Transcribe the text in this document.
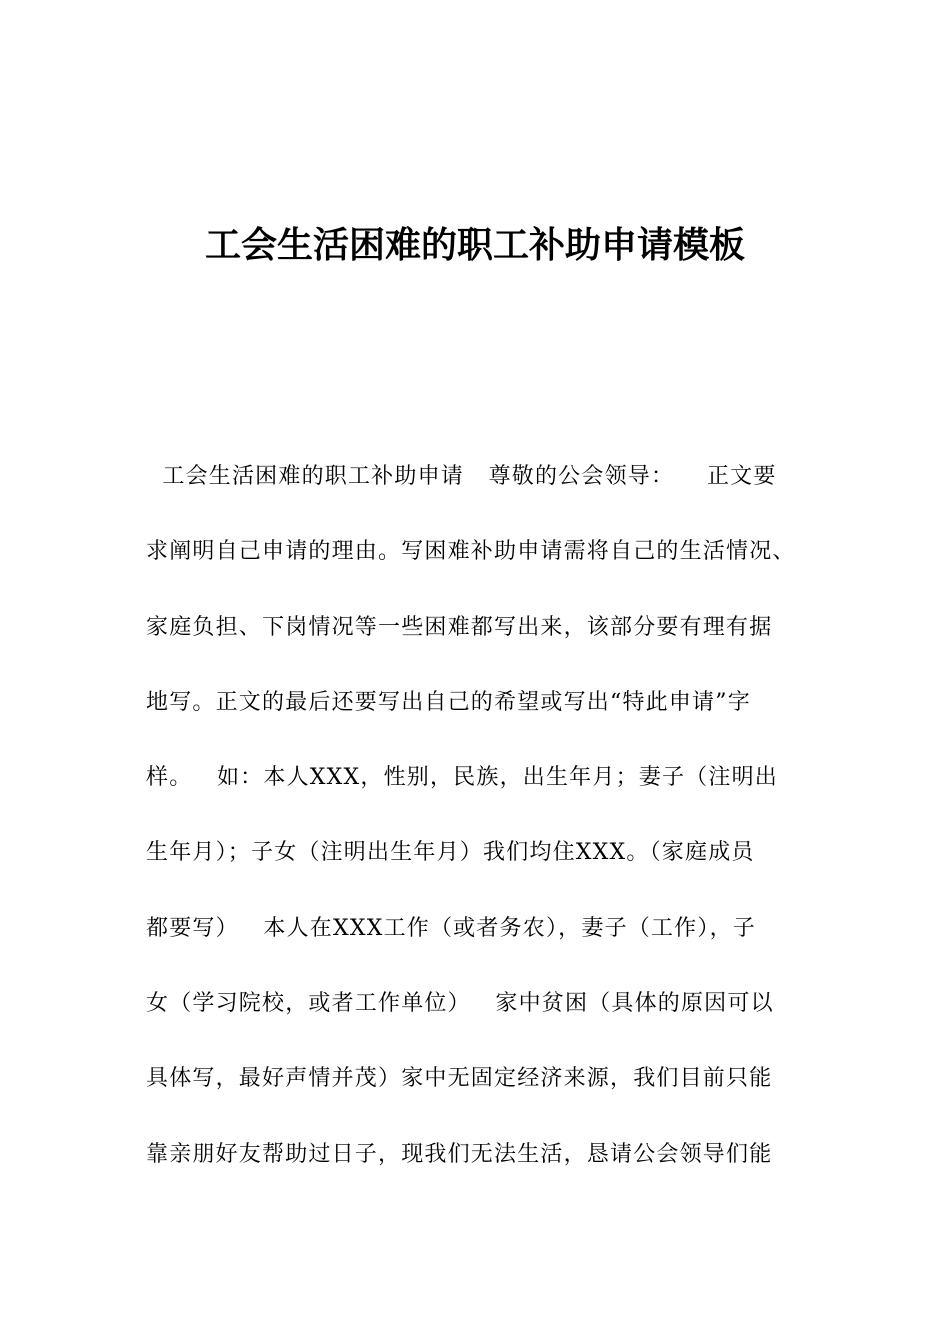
工会生活困难的职工补助申请模板
工会生活困难的职工补助申请   尊敬的公会领导：    正文要
求阐明自己申请的理由。写困难补助申请需将自己的生活情况、
家庭负担、下岗情况等一些困难都写出来，该部分要有理有据
地写。正文的最后还要写出自己的希望或写出“特此申请”字
样。   如：本人XXX，性别，民族，出生年月；妻子（注明出
生年月）；子女（注明出生年月）我们均住XXX。（家庭成员
都要写）   本人在XXX工作（或者务农），妻子（工作），子
女（学习院校，或者工作单位）   家中贫困（具体的原因可以
具体写，最好声情并茂）家中无固定经济来源，我们目前只能
靠亲朋好友帮助过日子，现我们无法生活，恳请公会领导们能
